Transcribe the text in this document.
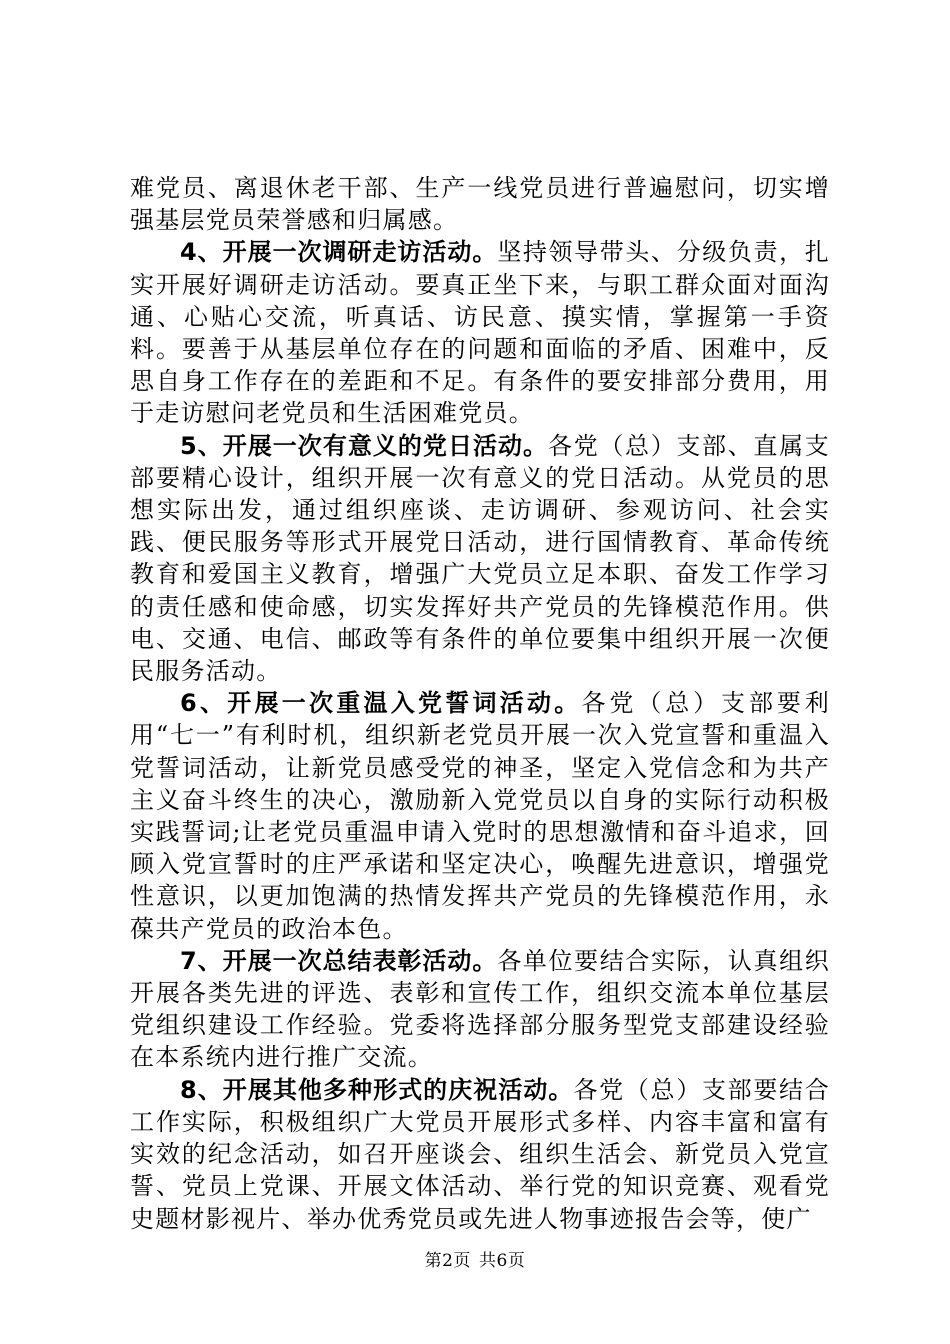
难党员、离退休老干部、生产一线党员进行普遍慰问，切实增强基层党员荣誉感和归属感。

4、开展一次调研走访活动。坚持领导带头、分级负责，扎实开展好调研走访活动。要真正坐下来，与职工群众面对面沟通、心贴心交流，听真话、访民意、摸实情，掌握第一手资料。要善于从基层单位存在的问题和面临的矛盾、困难中，反思自身工作存在的差距和不足。有条件的要安排部分费用，用于走访慰问老党员和生活困难党员。

5、开展一次有意义的党日活动。各党（总）支部、直属支部要精心设计，组织开展一次有意义的党日活动。从党员的思想实际出发，通过组织座谈、走访调研、参观访问、社会实践、便民服务等形式开展党日活动，进行国情教育、革命传统教育和爱国主义教育，增强广大党员立足本职、奋发工作学习的责任感和使命感，切实发挥好共产党员的先锋模范作用。供电、交通、电信、邮政等有条件的单位要集中组织开展一次便民服务活动。

6、开展一次重温入党誓词活动。各党（总）支部要利用“七一”有利时机，组织新老党员开展一次入党宣誓和重温入党誓词活动，让新党员感受党的神圣，坚定入党信念和为共产主义奋斗终生的决心，激励新入党党员以自身的实际行动积极实践誓词;让老党员重温申请入党时的思想激情和奋斗追求，回顾入党宣誓时的庄严承诺和坚定决心，唤醒先进意识，增强党性意识，以更加饱满的热情发挥共产党员的先锋模范作用，永葆共产党员的政治本色。

7、开展一次总结表彰活动。各单位要结合实际，认真组织开展各类先进的评选、表彰和宣传工作，组织交流本单位基层党组织建设工作经验。党委将选择部分服务型党支部建设经验在本系统内进行推广交流。

8、开展其他多种形式的庆祝活动。各党（总）支部要结合工作实际，积极组织广大党员开展形式多样、内容丰富和富有实效的纪念活动，如召开座谈会、组织生活会、新党员入党宣誓、党员上党课、开展文体活动、举行党的知识竞赛、观看党史题材影视片、举办优秀党员或先进人物事迹报告会等，使广

第2页 共6页
